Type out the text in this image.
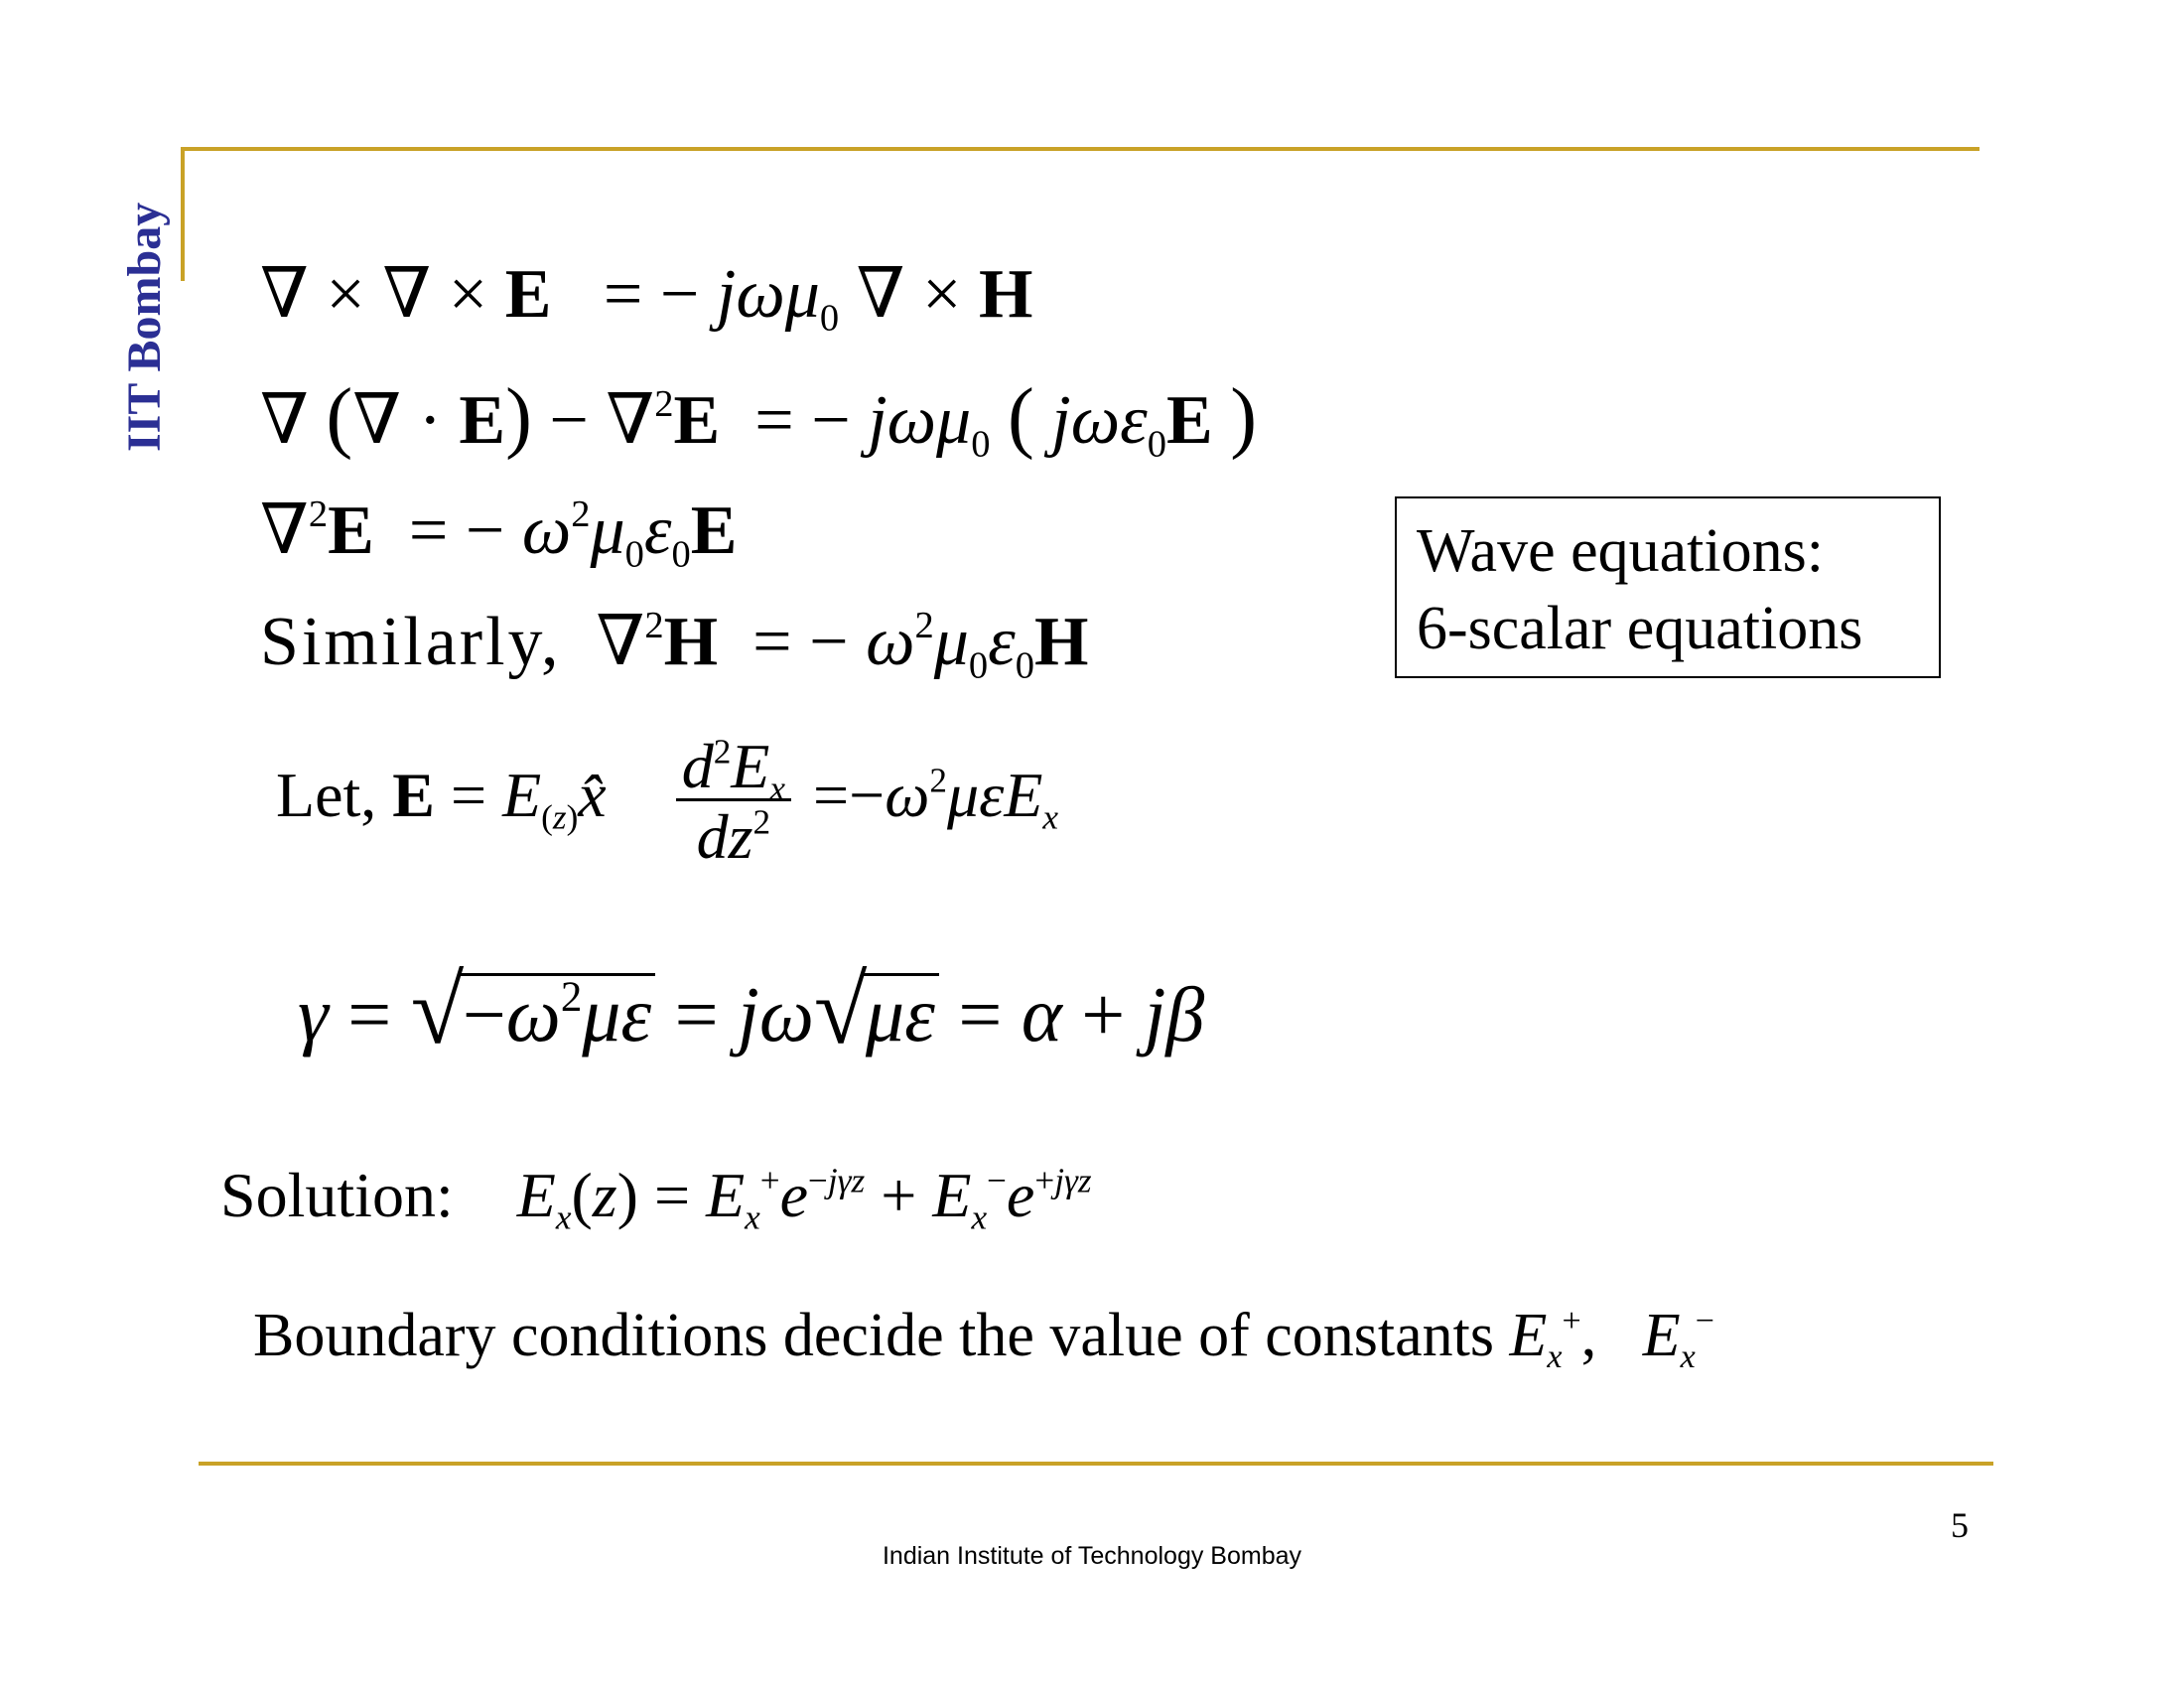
IIT Bombay ∇ × ∇ × E   = − jωμ$_0$ ∇ × H
∇ (∇ · E) − ∇$^2$E  = − jωμ$_0$ ( jωε$_0$E )
∇$^2$E  = − $\omega^2\mu_0\varepsilon_0E$
Similarly,  ∇$^2$H  = − $\omega^2\mu_0\varepsilon_0H$
Wave equations:
6-scalar equations
Let, $E = E_{(z)}x̂ \frac{d^2E_x}{dz^2} =-\omega^2\mu\varepsilon E_x$
γ = √
$-\omega^2\mu\varepsilon = j\omega$ √
με = α + jβ
Solution: $E_x(z) = E_x^+e^{-j\gamma z} + E_x^-e^{+j\gamma z}$
Boundary conditions decide the value of constants $E_x^+$,   $E_x^-$
Indian Institute of Technology Bombay
5
